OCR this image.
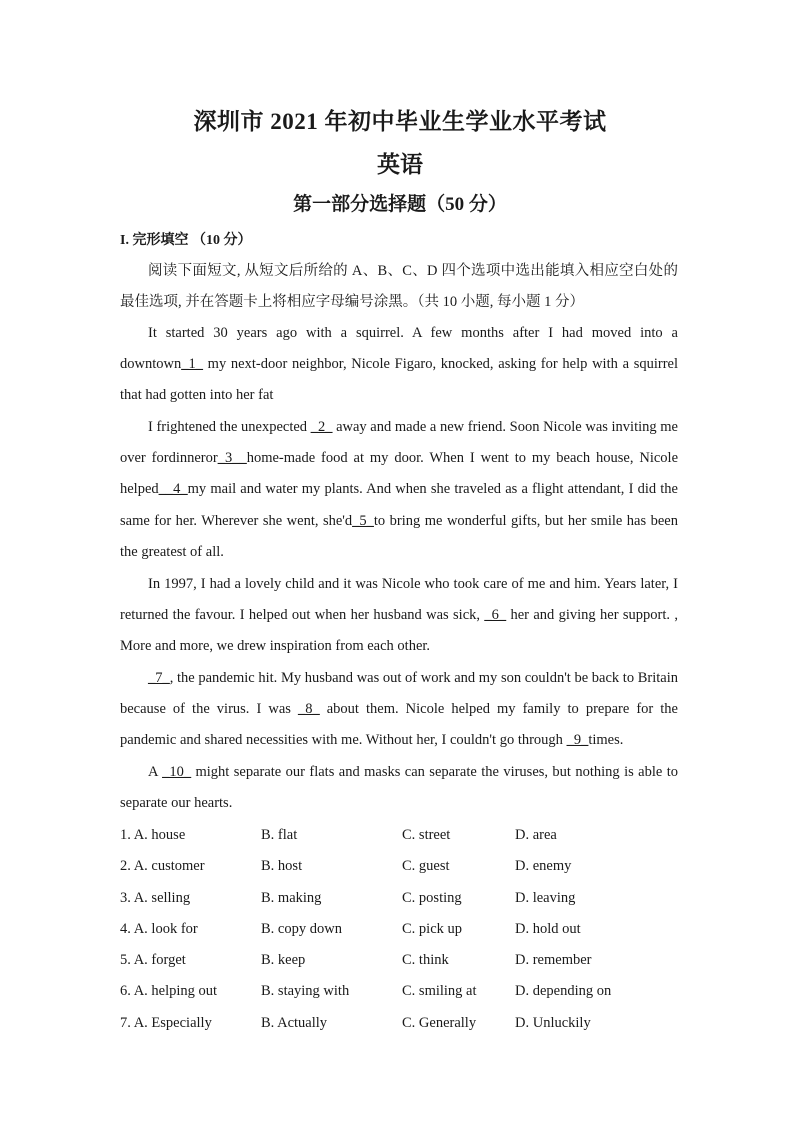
深圳市 2021 年初中毕业生学业水平考试
英语
第一部分选择题（50 分）
I. 完形填空 （10 分）
阅读下面短文, 从短文后所给的 A、B、C、D 四个选项中选出能填入相应空白处的最佳选项, 并在答题卡上将相应字母编号涂黑。（共 10 小题, 每小题 1 分）
It started 30 years ago with a squirrel. A few months after I had moved into a downtown_1_ my next-door neighbor, Nicole Figaro, knocked, asking for help with a squirrel that had gotten into her fat
I frightened the unexpected _2_ away and made a new friend. Soon Nicole was inviting me over fordinneror_3__home-made food at my door. When I went to my beach house, Nicole helped__4_my mail and water my plants. And when she traveled as a flight attendant, I did the same for her. Wherever she went, she'd_5_to bring me wonderful gifts, but her smile has been the greatest of all.
In 1997, I had a lovely child and it was Nicole who took care of me and him. Years later, I returned the favour. I helped out when her husband was sick, _6_ her and giving her support. , More and more, we drew inspiration from each other.
_7_, the pandemic hit. My husband was out of work and my son couldn't be back to Britain because of the virus. I was _8_ about them. Nicole helped my family to prepare for the pandemic and shared necessities with me. Without her, I couldn't go through _9_times.
A _10_ might separate our flats and masks can separate the viruses, but nothing is able to separate our hearts.
1. A. house	B. flat	C. street	D. area
2. A. customer	B. host	C. guest	D. enemy
3. A. selling	B. making	C. posting	D. leaving
4. A. look for	B. copy down	C. pick up	D. hold out
5. A. forget	B. keep	C. think	D. remember
6. A. helping out	B. staying with	C. smiling at	D. depending on
7. A. Especially	B. Actually	C. Generally	D. Unluckily
